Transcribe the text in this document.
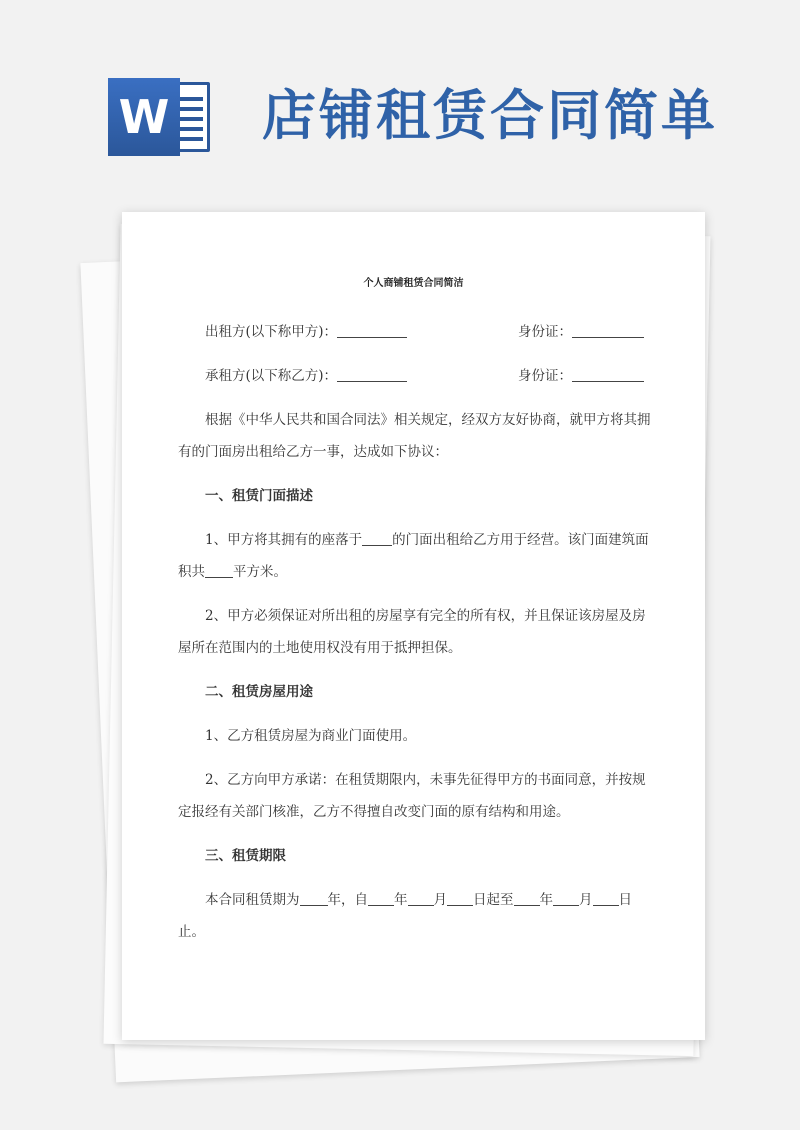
W 店铺租赁合同简单

个人商铺租赁合同简洁

出租方(以下称甲方)：	身份证：

承租方(以下称乙方)：	身份证：

根据《中华人民共和国合同法》相关规定，经双方友好协商，就甲方将其拥

有的门面房出租给乙方一事，达成如下协议：

一、租赁门面描述

1、甲方将其拥有的座落于 的门面出租给乙方用于经营。该门面建筑面

积共 平方米。

2、甲方必须保证对所出租的房屋享有完全的所有权，并且保证该房屋及房

屋所在范围内的土地使用权没有用于抵押担保。

二、租赁房屋用途

1、乙方租赁房屋为商业门面使用。

2、乙方向甲方承诺：在租赁期限内，未事先征得甲方的书面同意，并按规

定报经有关部门核准，乙方不得擅自改变门面的原有结构和用途。

三、租赁期限

本合同租赁期为 年，自 年 月 日起至 年 月 日

止。
